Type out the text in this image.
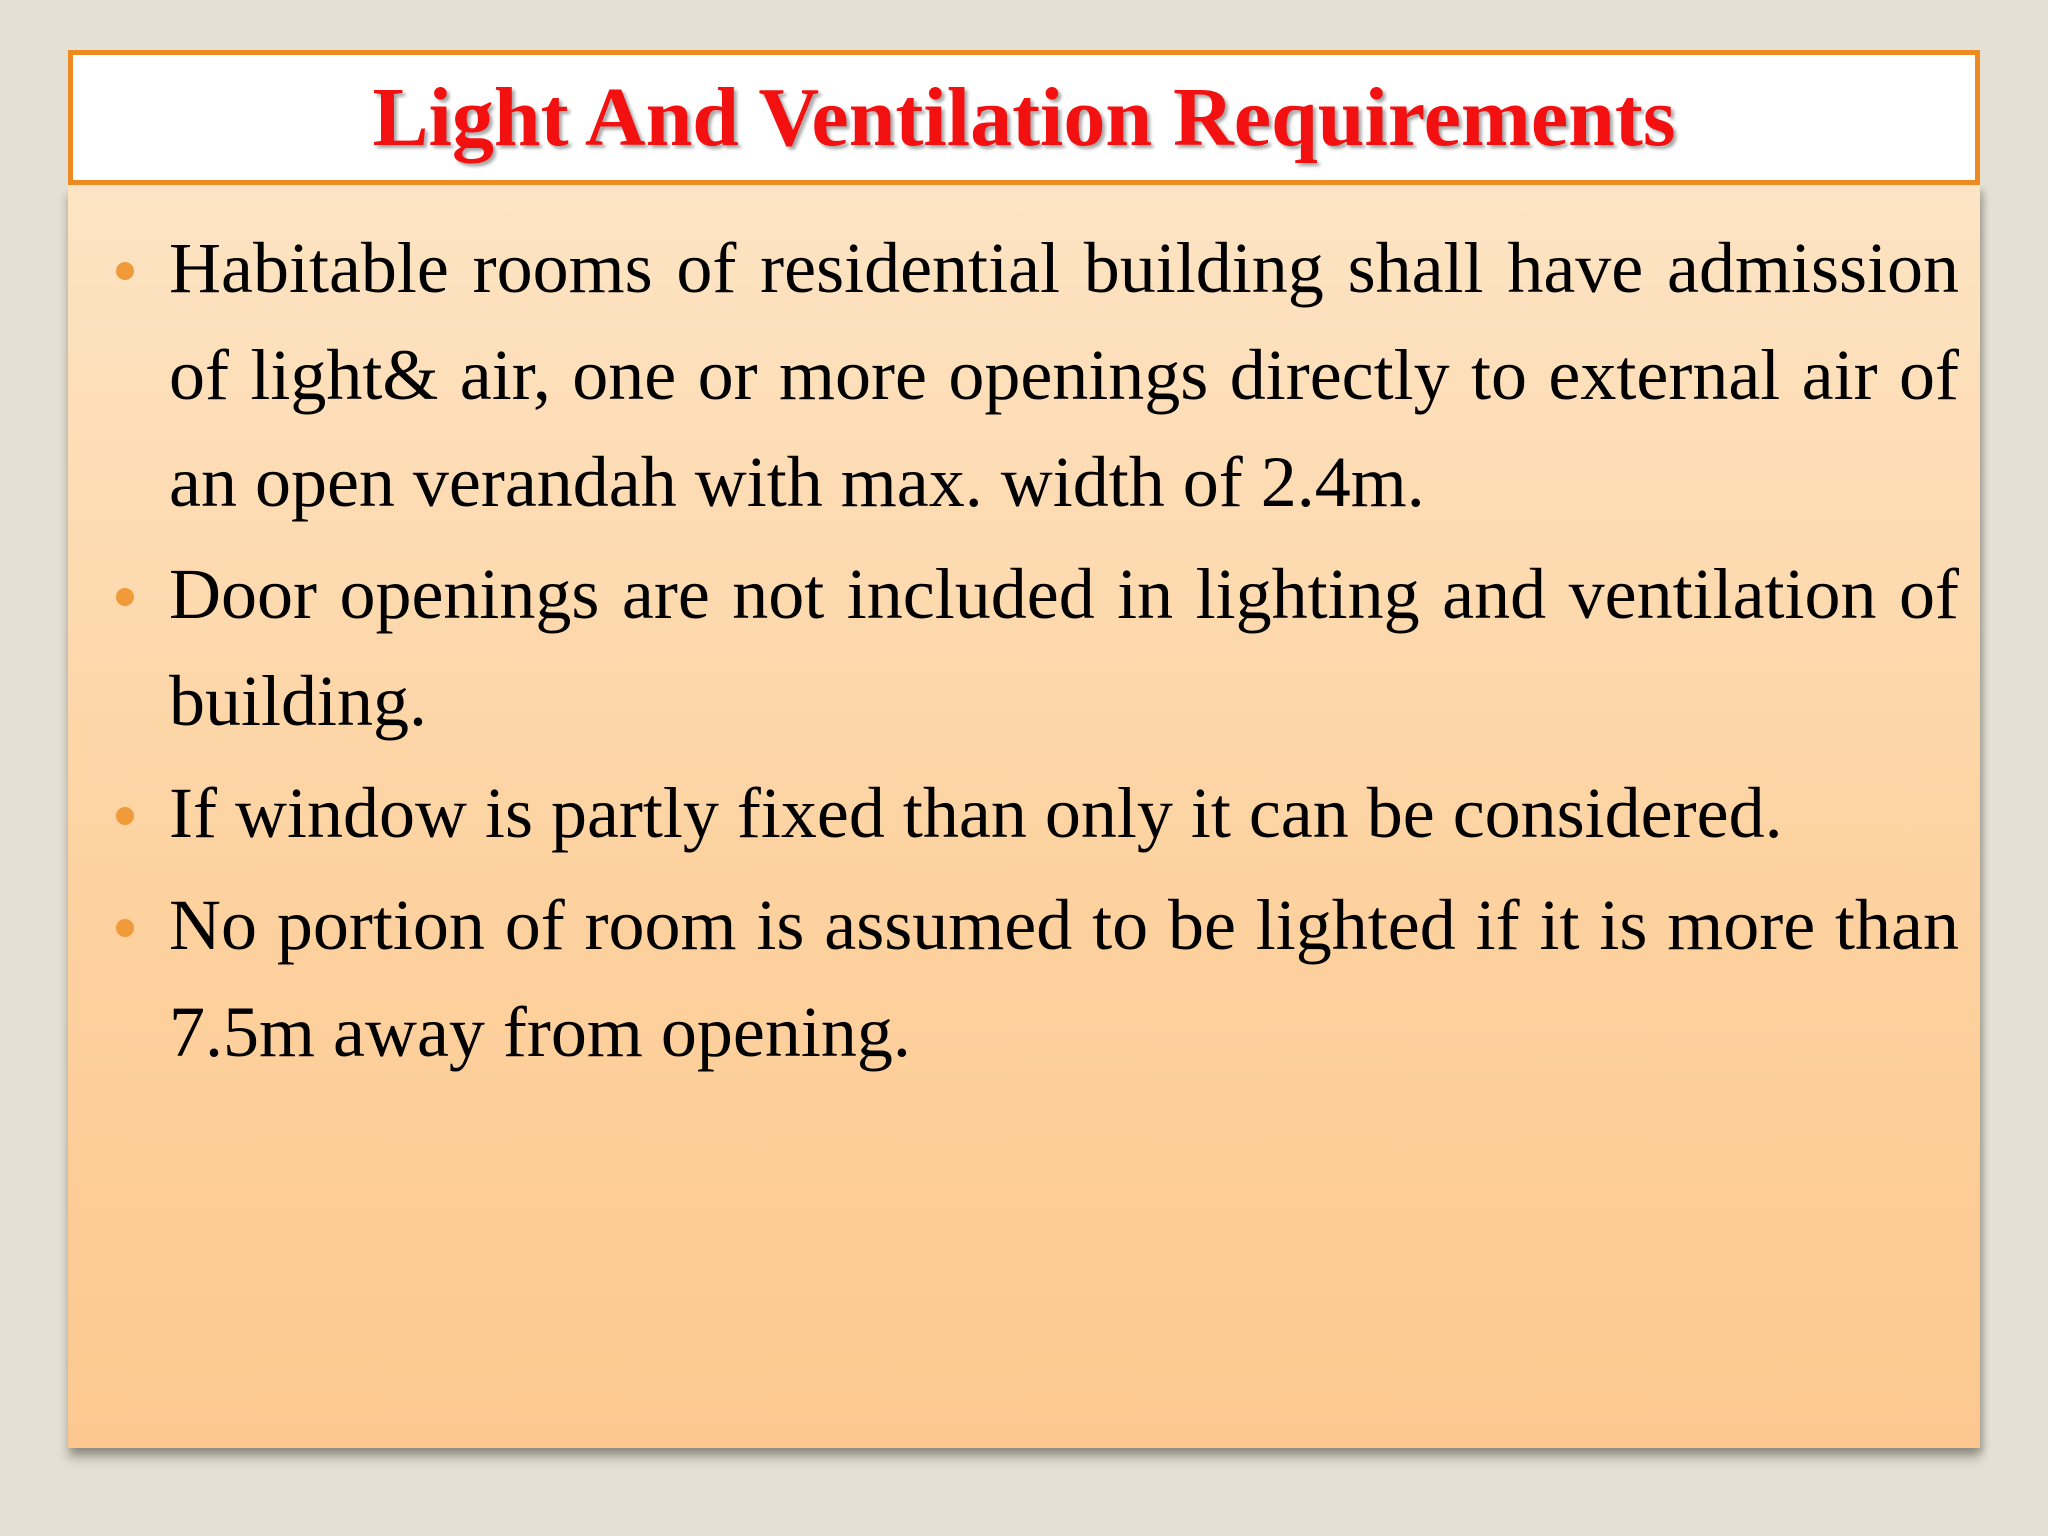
Light And Ventilation Requirements
Habitable rooms of residential building shall have admission of light& air, one or more openings directly to external air of an open verandah with max. width of 2.4m.
Door openings are not included in lighting and ventilation of building.
If window is partly fixed than only it can be considered.
No portion of room is assumed to be lighted if it is more than 7.5m away from opening.
